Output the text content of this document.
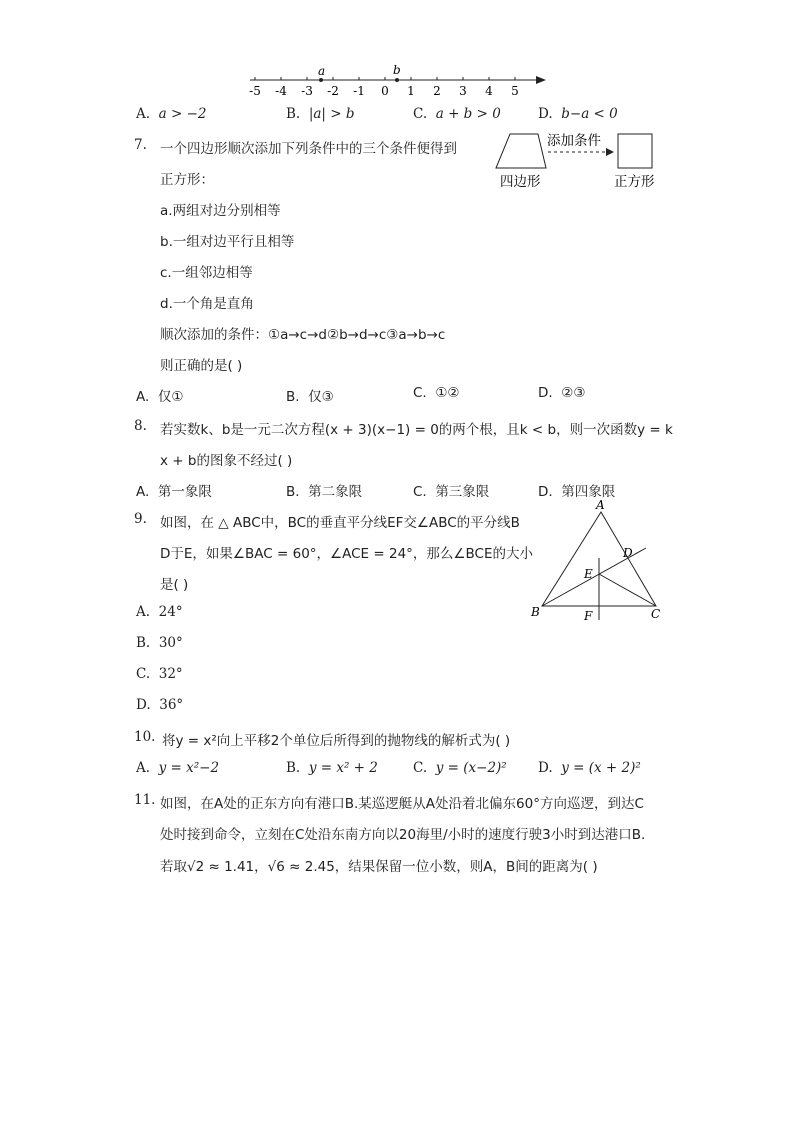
-5 -4 -3 -2 -1 0 1 2 3 4 5
a	b
A. a > −2	B. |a| > b	C. a + b > 0	D. b−a < 0
7. 一个四边形顺次添加下列条件中的三个条件便得到
正方形：
a.两组对边分别相等
b.一组对边平行且相等
c.一组邻边相等
d.一个角是直角
顺次添加的条件：①a→c→d②b→d→c③a→b→c
则正确的是( )
添加条件
四边形	正方形
A. 仅①	B. 仅③	C. ①②	D. ②③
8. 若实数k、b是一元二次方程(x + 3)(x−1) = 0的两个根，且k < b，则一次函数y = k
x + b的图象不经过( )
A. 第一象限	B. 第二象限	C. 第三象限	D. 第四象限
9. 如图，在 △ ABC中，BC的垂直平分线EF交∠ABC的平分线B
D于E，如果∠BAC = 60°，∠ACE = 24°，那么∠BCE的大小
是( )
A. 24°
B. 30°
C. 32°
D. 36°
A
B	C
D
E
F
10. 将y = x²向上平移2个单位后所得到的抛物线的解析式为( )
A. y = x²−2	B. y = x² + 2	C. y = (x−2)² D. y = (x + 2)²
11. 如图，在A处的正东方向有港口B.某巡逻艇从A处沿着北偏东60°方向巡逻，到达C
处时接到命令，立刻在C处沿东南方向以20海里/小时的速度行驶3小时到达港口B.
若取√2 ≈ 1.41，√6 ≈ 2.45，结果保留一位小数，则A，B间的距离为( )
